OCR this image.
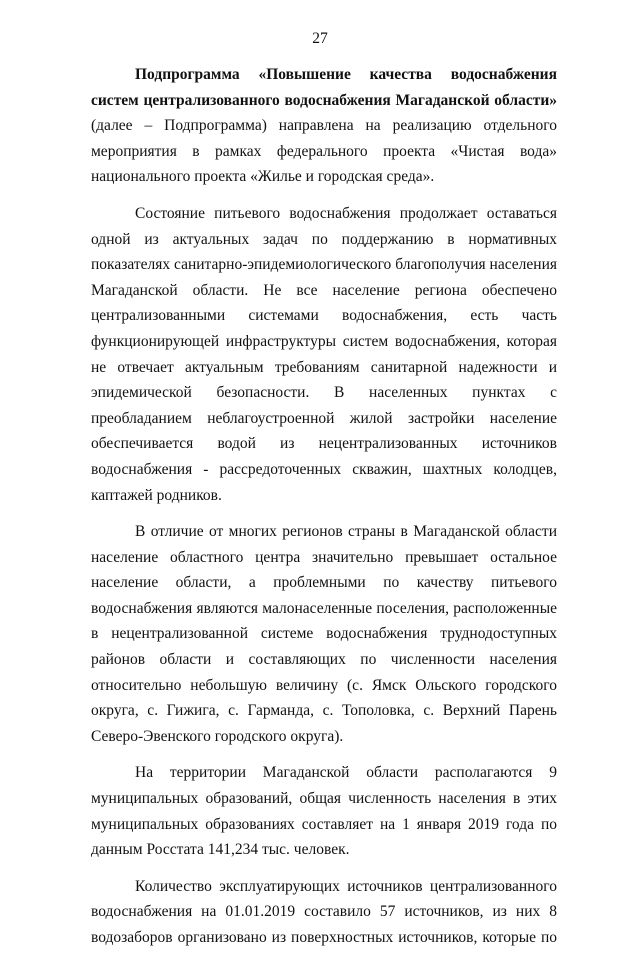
27

Подпрограмма «Повышение качества водоснабжения систем централизованного водоснабжения Магаданской области» (далее – Подпрограмма) направлена на реализацию отдельного мероприятия в рамках федерального проекта «Чистая вода» национального проекта «Жилье и городская среда».

Состояние питьевого водоснабжения продолжает оставаться одной из актуальных задач по поддержанию в нормативных показателях санитарно-эпидемиологического благополучия населения Магаданской области. Не все население региона обеспечено централизованными системами водоснабжения, есть часть функционирующей инфраструктуры систем водоснабжения, которая не отвечает актуальным требованиям санитарной надежности и эпидемической безопасности. В населенных пунктах с преобладанием неблагоустроенной жилой застройки население обеспечивается водой из нецентрализованных источников водоснабжения - рассредоточенных скважин, шахтных колодцев, каптажей родников.

В отличие от многих регионов страны в Магаданской области население областного центра значительно превышает остальное население области, а проблемными по качеству питьевого водоснабжения являются малонаселенные поселения, расположенные в нецентрализованной системе водоснабжения труднодоступных районов области и составляющих по численности населения относительно небольшую величину (с. Ямск Ольского городского округа, с. Гижига, с. Гарманда, с. Тополовка, с. Верхний Парень Северо-Эвенского городского округа).

На территории Магаданской области располагаются 9 муниципальных образований, общая численность населения в этих муниципальных образованиях составляет на 1 января 2019 года по данным Росстата 141,234 тыс. человек.

Количество эксплуатирующих источников централизованного водоснабжения на 01.01.2019 составило 57 источников, из них 8 водозаборов организовано из поверхностных источников, которые по
